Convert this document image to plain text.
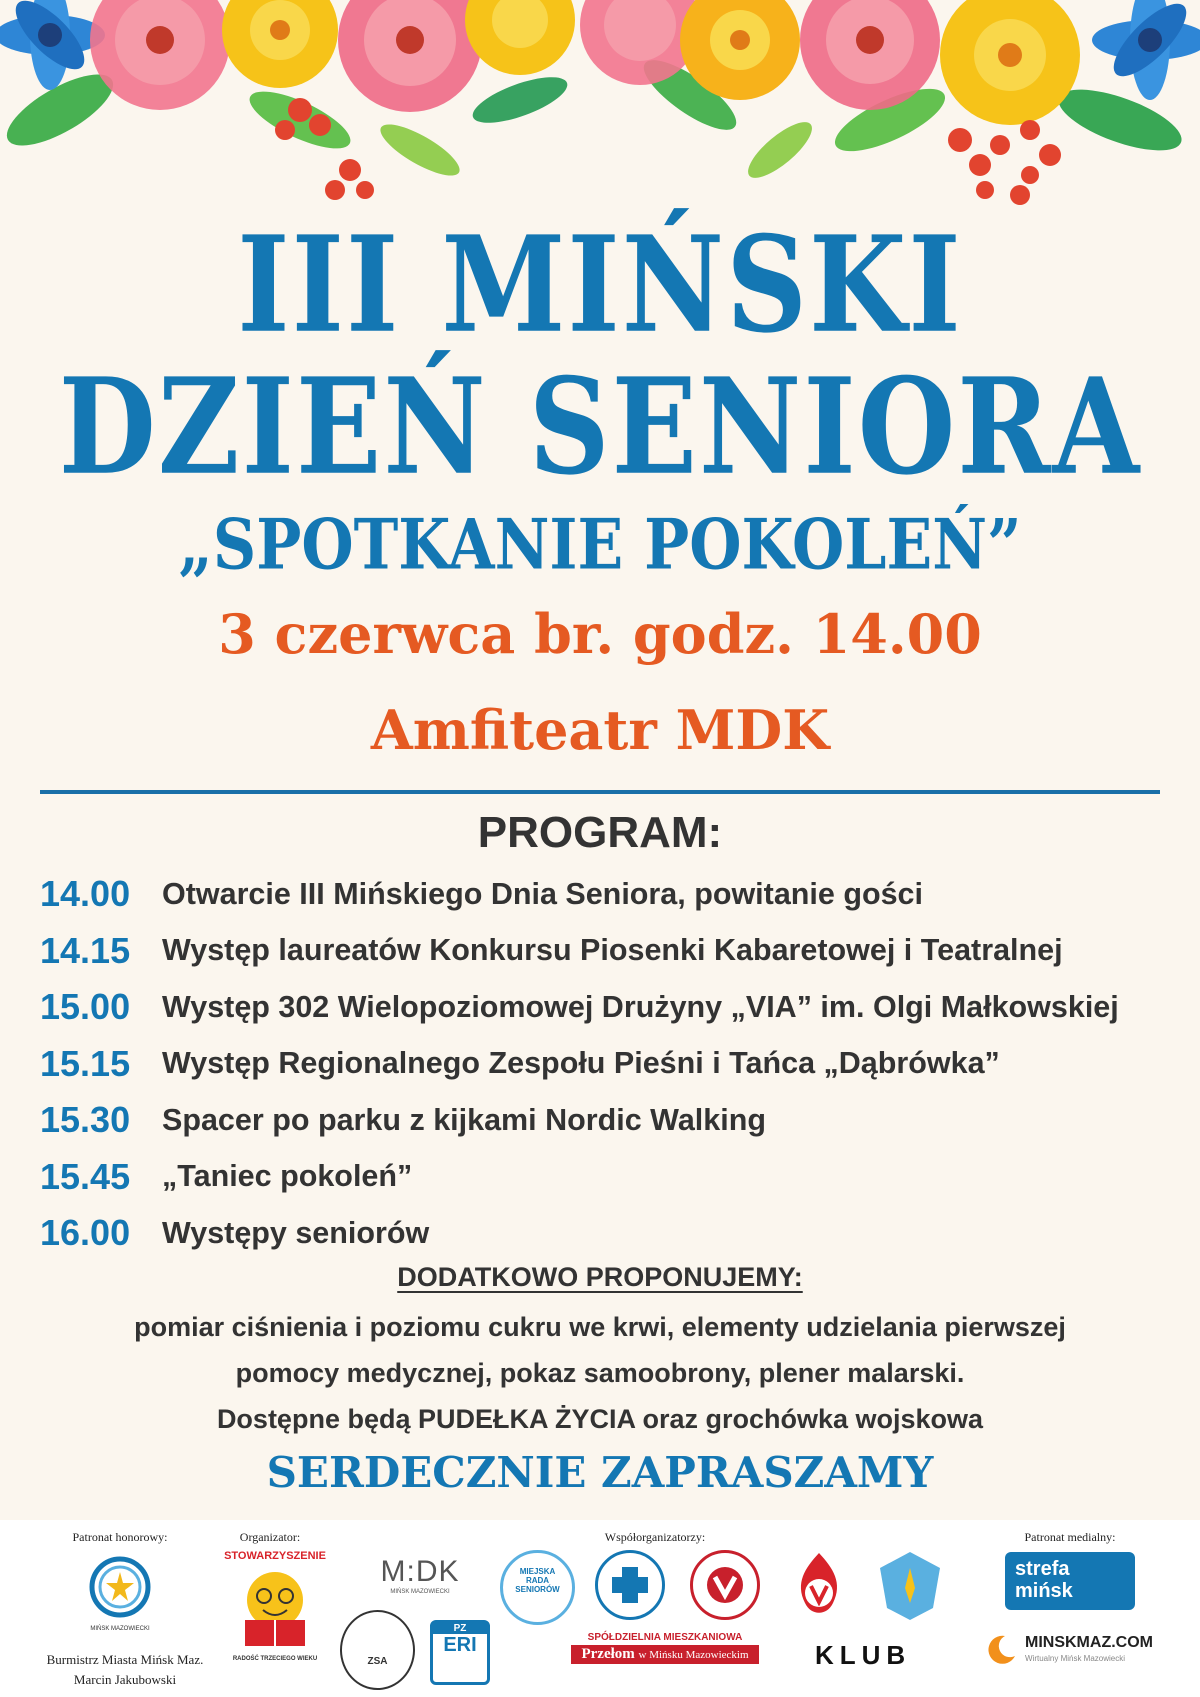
III MIŃSKI
DZIEŃ SENIORA
„SPOTKANIE POKOLEŃ”
3 czerwca br. godz. 14.00
Amfiteatr MDK
PROGRAM:
14.00	Otwarcie III Mińskiego Dnia Seniora, powitanie gości
14.15	Występ laureatów Konkursu Piosenki Kabaretowej i Teatralnej
15.00	Występ 302 Wielopoziomowej Drużyny „VIA” im. Olgi Małkowskiej
15.15	Występ Regionalnego Zespołu Pieśni i Tańca „Dąbrówka”
15.30	Spacer po parku z kijkami Nordic Walking
15.45	„Taniec pokoleń”
16.00	Występy seniorów
DODATKOWO PROPONUJEMY:
pomiar ciśnienia i poziomu cukru we krwi, elementy udzielania pierwszej
pomocy medycznej, pokaz samoobrony, plener malarski.
Dostępne będą PUDEŁKA ŻYCIA oraz grochówka wojskowa
SERDECZNIE ZAPRASZAMY
Patronat honorowy:	Organizator:	Współorganizatorzy:	Patronat medialny:
MIŃSK MAZOWIECKI
Burmistrz Miasta Mińsk Maz.
Marcin Jakubowski
STOWARZYSZENIE
RADOŚĆ TRZECIEGO WIEKU
M:DK
MIŃSK MAZOWIECKI
MIEJSKA
RADA
SENIORÓW
ZSA
PZ
ERI	SPÓŁDZIELNIA MIESZKANIOWA
Przełom w Mińsku Mazowieckim	KLUB
strefa
mińsk
MINSKMAZ.COM
Wirtualny Mińsk Mazowiecki
